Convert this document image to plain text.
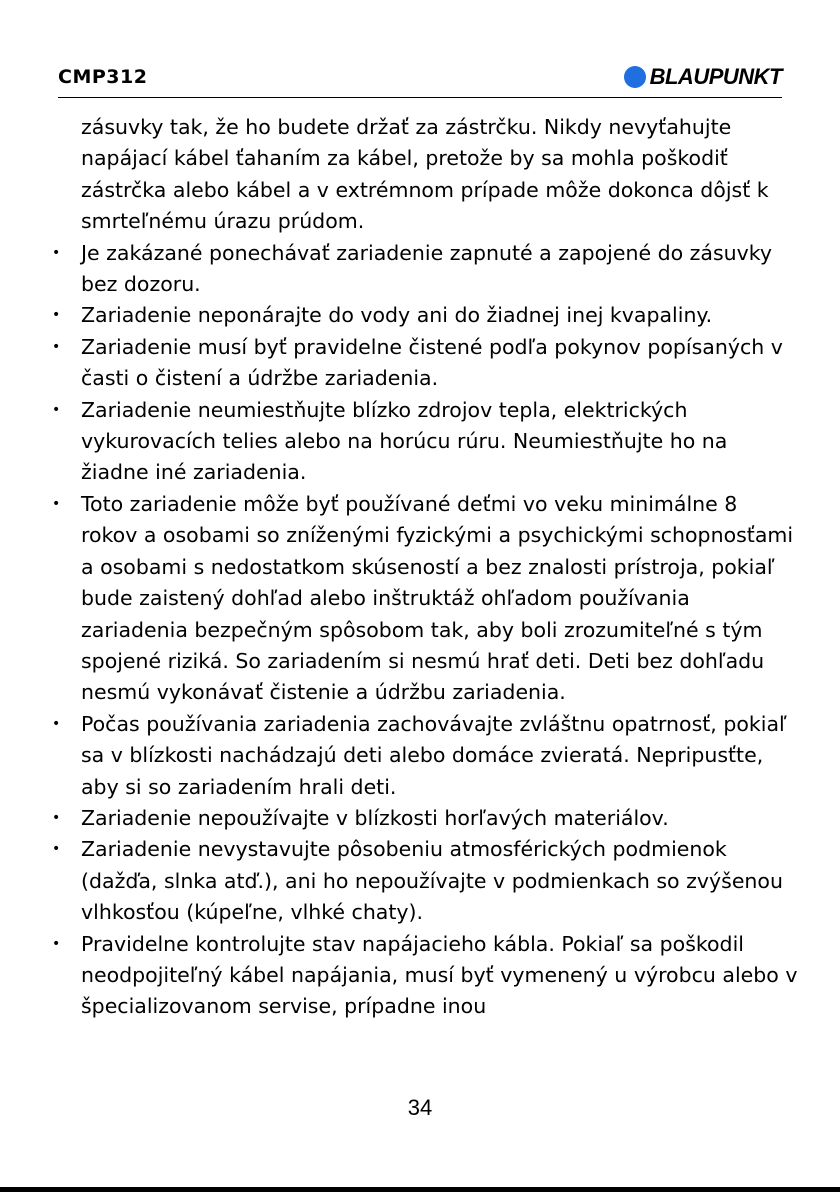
CMP312	BLAUPUNKT
zásuvky tak, že ho budete držať za zástrčku. Nikdy nevyťahujte napájací kábel ťahaním za kábel, pretože by sa mohla poškodiť zástrčka alebo kábel a v extrémnom prípade môže dokonca dôjsť k smrteľnému úrazu prúdom.
• Je zakázané ponechávať zariadenie zapnuté a zapojené do zásuvky bez dozoru.
• Zariadenie neponárajte do vody ani do žiadnej inej kvapaliny.
• Zariadenie musí byť pravidelne čistené podľa pokynov popísaných v časti o čistení a údržbe zariadenia.
• Zariadenie neumiestňujte blízko zdrojov tepla, elektrických vykurovacích telies alebo na horúcu rúru. Neumiestňujte ho na žiadne iné zariadenia.
• Toto zariadenie môže byť používané deťmi vo veku minimálne 8 rokov a osobami so zníženými fyzickými a psychickými schopnosťami a osobami s nedostatkom skúseností a bez znalosti prístroja, pokiaľ bude zaistený dohľad alebo inštruktáž ohľadom používania zariadenia bezpečným spôsobom tak, aby boli zrozumiteľné s tým spojené riziká. So zariadením si nesmú hrať deti. Deti bez dohľadu nesmú vykonávať čistenie a údržbu zariadenia.
• Počas používania zariadenia zachovávajte zvláštnu opatrnosť, pokiaľ sa v blízkosti nachádzajú deti alebo domáce zvieratá. Nepripusťte, aby si so zariadením hrali deti.
• Zariadenie nepoužívajte v blízkosti horľavých materiálov.
• Zariadenie nevystavujte pôsobeniu atmosférických podmienok (dažďa, slnka atď.), ani ho nepoužívajte v podmienkach so zvýšenou vlhkosťou (kúpeľne, vlhké chaty).
• Pravidelne kontrolujte stav napájacieho kábla. Pokiaľ sa poškodil neodpojiteľný kábel napájania, musí byť vymenený u výrobcu alebo v špecializovanom servise, prípadne inou
34
